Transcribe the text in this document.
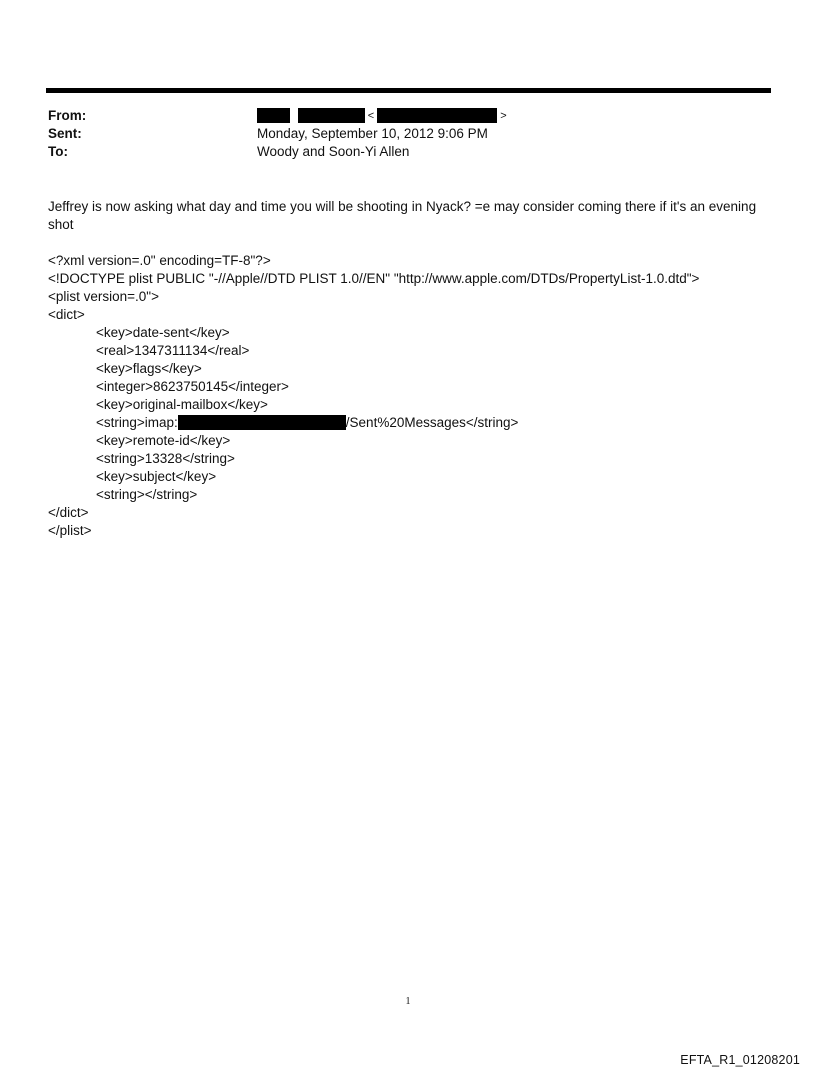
From:	<	>
Sent:	Monday, September 10, 2012 9:06 PM
To:	Woody and Soon-Yi Allen
Jeffrey is now asking what day and time you will be shooting in Nyack? =e may consider coming there if it's an evening shot
<?xml version=.0" encoding=TF-8"?>
<!DOCTYPE plist PUBLIC "-//Apple//DTD PLIST 1.0//EN" "http://www.apple.com/DTDs/PropertyList-1.0.dtd">
<plist version=.0">
<dict>
<key>date-sent</key>
<real>1347311134</real>
<key>flags</key>
<integer>8623750145</integer>
<key>original-mailbox</key>
<string>imap:	/Sent%20Messages</string>
<key>remote-id</key>
<string>13328</string>
<key>subject</key>
<string></string>
</dict>
</plist>
1
EFTA_R1_01208201
